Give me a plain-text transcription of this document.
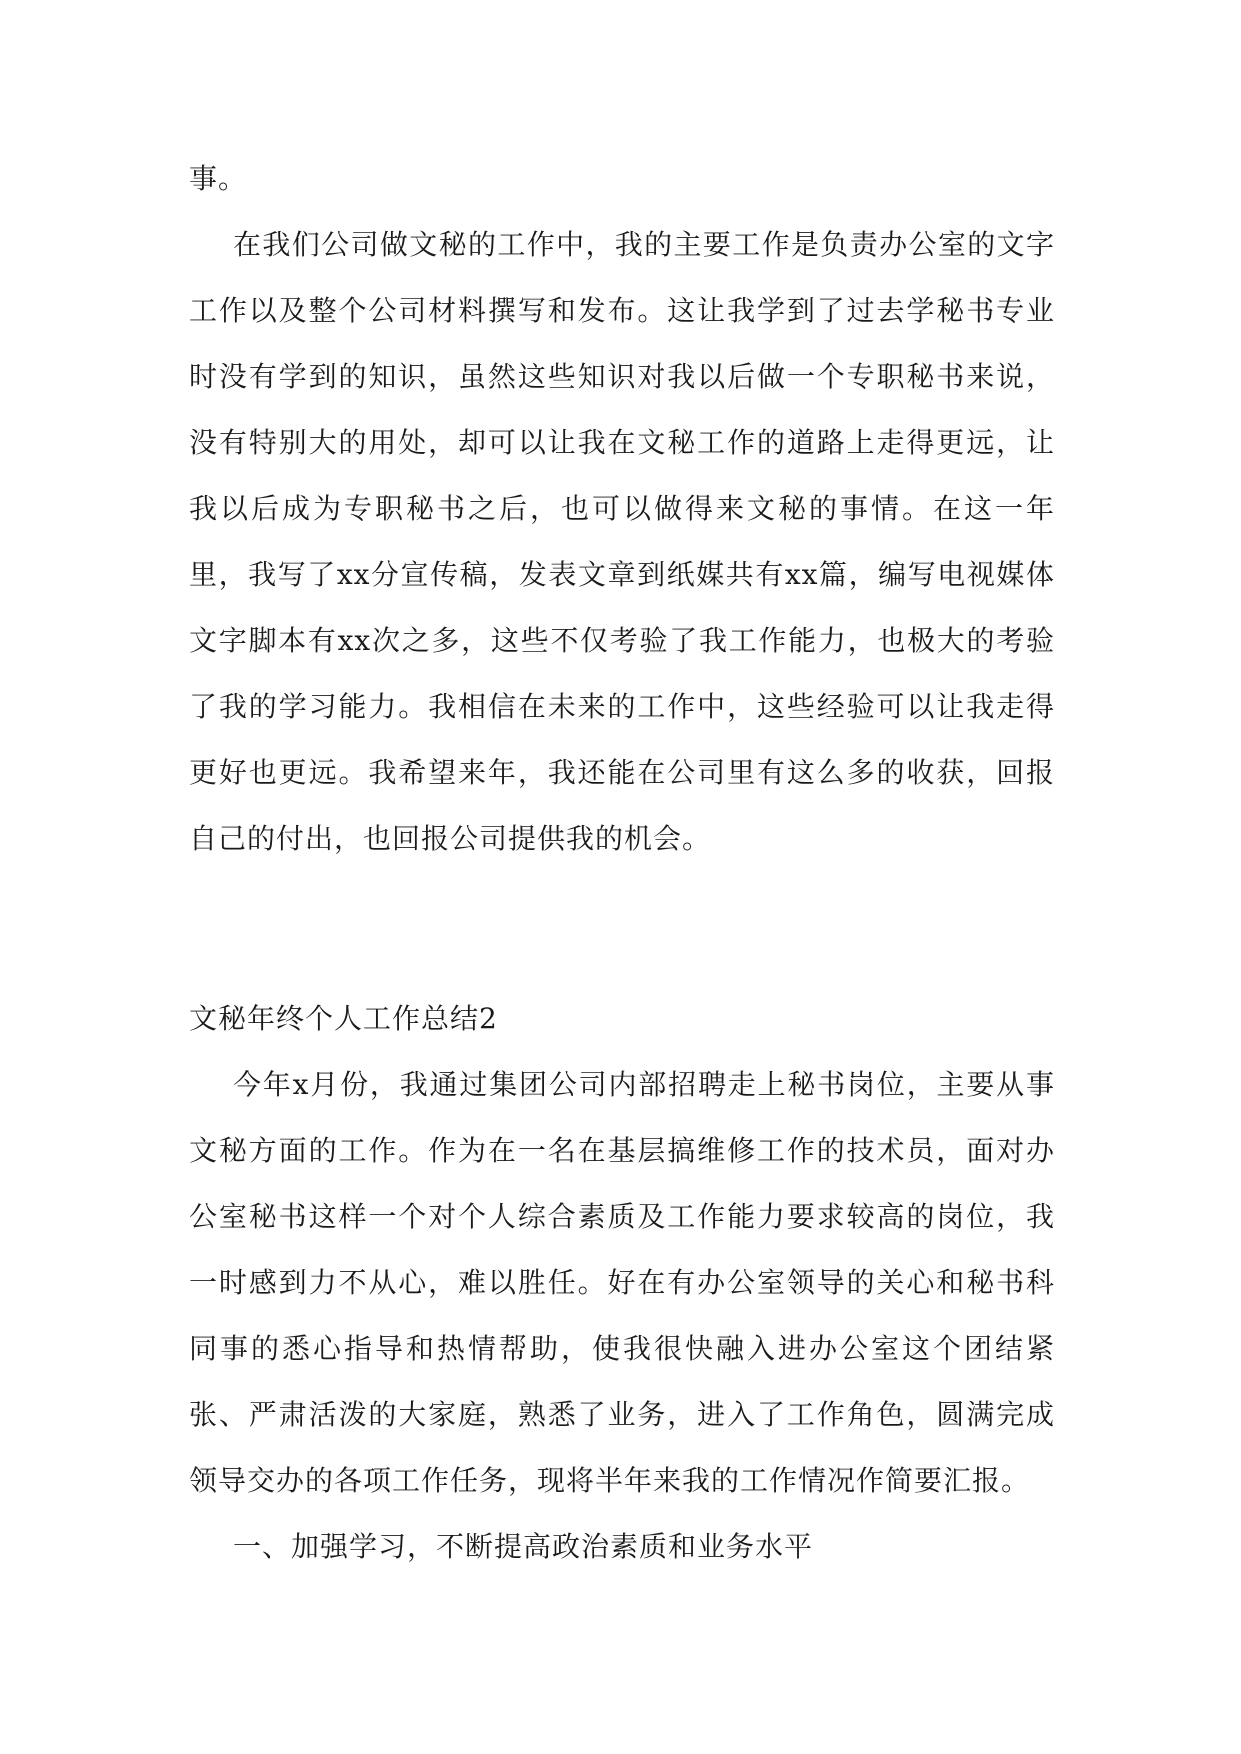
事。

在我们公司做文秘的工作中，我的主要工作是负责办公室的文字工作以及整个公司材料撰写和发布。这让我学到了过去学秘书专业时没有学到的知识，虽然这些知识对我以后做一个专职秘书来说，没有特别大的用处，却可以让我在文秘工作的道路上走得更远，让我以后成为专职秘书之后，也可以做得来文秘的事情。在这一年里，我写了xx分宣传稿，发表文章到纸媒共有xx篇，编写电视媒体文字脚本有xx次之多，这些不仅考验了我工作能力，也极大的考验了我的学习能力。我相信在未来的工作中，这些经验可以让我走得更好也更远。我希望来年，我还能在公司里有这么多的收获，回报自己的付出，也回报公司提供我的机会。

文秘年终个人工作总结2

今年x月份，我通过集团公司内部招聘走上秘书岗位，主要从事文秘方面的工作。作为在一名在基层搞维修工作的技术员，面对办公室秘书这样一个对个人综合素质及工作能力要求较高的岗位，我一时感到力不从心，难以胜任。好在有办公室领导的关心和秘书科同事的悉心指导和热情帮助，使我很快融入进办公室这个团结紧张、严肃活泼的大家庭，熟悉了业务，进入了工作角色，圆满完成领导交办的各项工作任务，现将半年来我的工作情况作简要汇报。

一、加强学习，不断提高政治素质和业务水平
